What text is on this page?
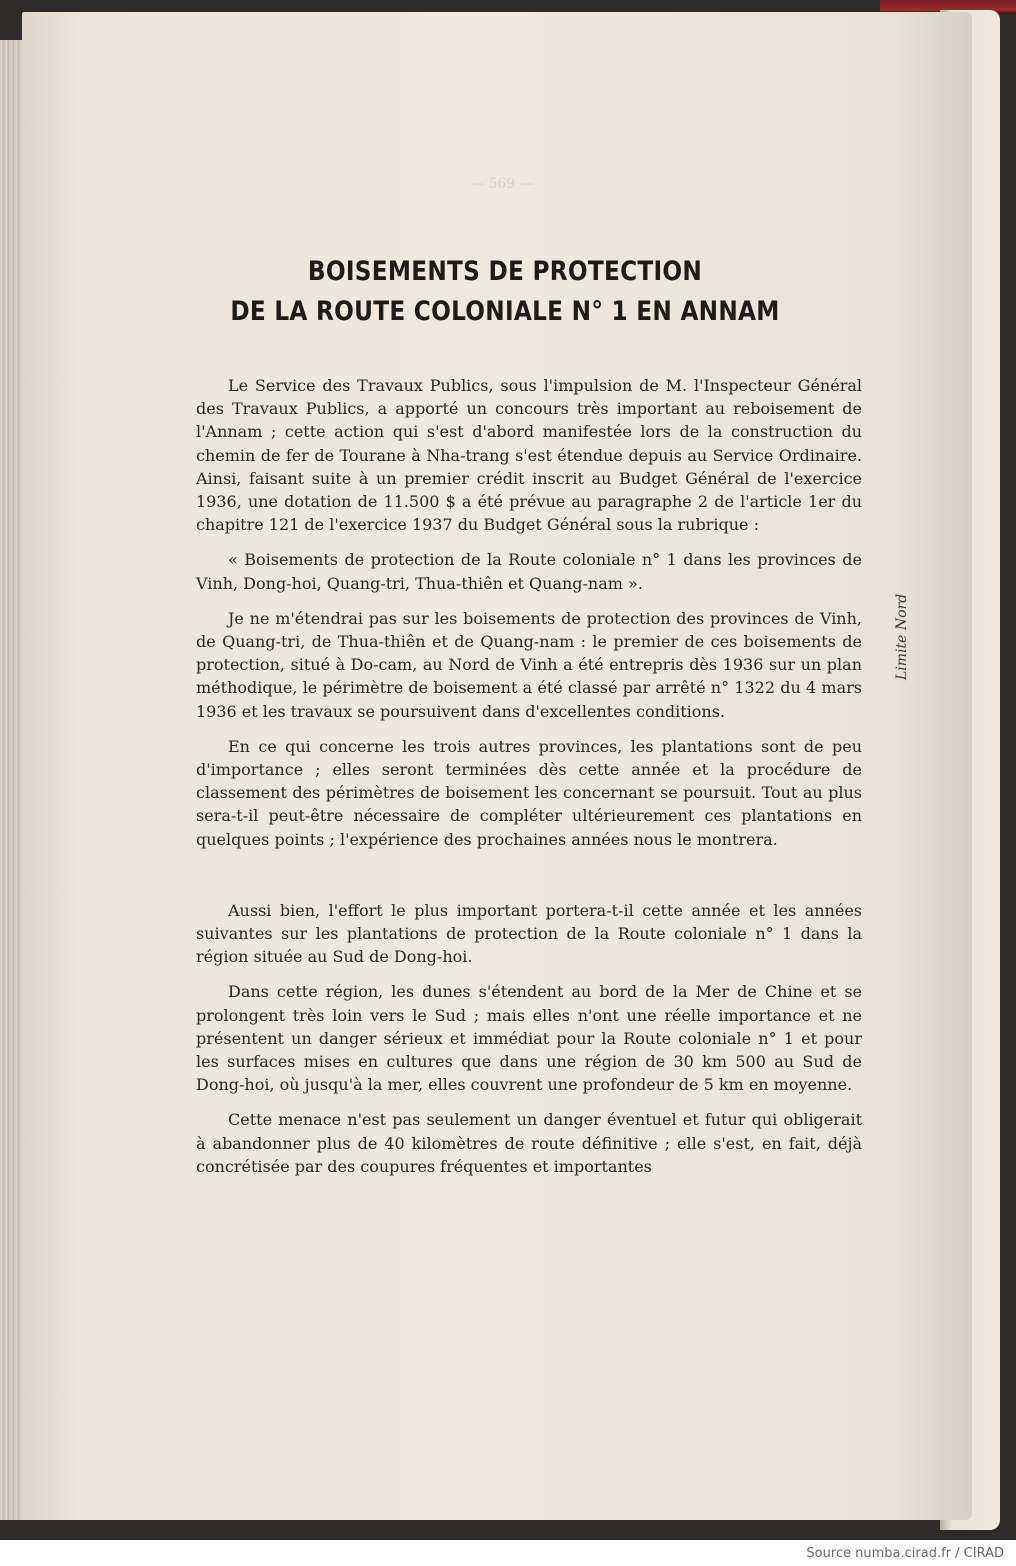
— 569 —
BOISEMENTS DE PROTECTION
DE LA ROUTE COLONIALE N° 1 EN ANNAM

Le Service des Travaux Publics, sous l'impulsion de M. l'Inspecteur Général des Travaux Publics, a apporté un concours très important au reboisement de l'Annam ; cette action qui s'est d'abord manifestée lors de la construction du chemin de fer de Tourane à Nha-trang s'est étendue depuis au Service Ordinaire. Ainsi, faisant suite à un premier crédit inscrit au Budget Général de l'exercice 1936, une dotation de 11.500 $ a été prévue au paragraphe 2 de l'article 1er du chapitre 121 de l'exercice 1937 du Budget Général sous la rubrique :

« Boisements de protection de la Route coloniale n° 1 dans les provinces de Vinh, Dong-hoi, Quang-tri, Thua-thiên et Quang-nam ».

Je ne m'étendrai pas sur les boisements de protection des provinces de Vinh, de Quang-tri, de Thua-thiên et de Quang-nam : le premier de ces boisements de protection, situé à Do-cam, au Nord de Vinh a été entrepris dès 1936 sur un plan méthodique, le périmètre de boisement a été classé par arrêté n° 1322 du 4 mars 1936 et les travaux se poursuivent dans d'excellentes conditions.

En ce qui concerne les trois autres provinces, les plantations sont de peu d'importance ; elles seront terminées dès cette année et la procédure de classement des périmètres de boisement les concernant se poursuit. Tout au plus sera-t-il peut-être nécessaire de compléter ultérieurement ces plantations en quelques points ; l'expérience des prochaines années nous le montrera.

Aussi bien, l'effort le plus important portera-t-il cette année et les années suivantes sur les plantations de protection de la Route coloniale n° 1 dans la région située au Sud de Dong-hoi.

Dans cette région, les dunes s'étendent au bord de la Mer de Chine et se prolongent très loin vers le Sud ; mais elles n'ont une réelle importance et ne présentent un danger sérieux et immédiat pour la Route coloniale n° 1 et pour les surfaces mises en cultures que dans une région de 30 km 500 au Sud de Dong-hoi, où jusqu'à la mer, elles couvrent une profondeur de 5 km en moyenne.

Cette menace n'est pas seulement un danger éventuel et futur qui obligerait à abandonner plus de 40 kilomètres de route définitive ; elle s'est, en fait, déjà concrétisée par des coupures fréquentes et importantes

Source numba.cirad.fr / CIRAD
